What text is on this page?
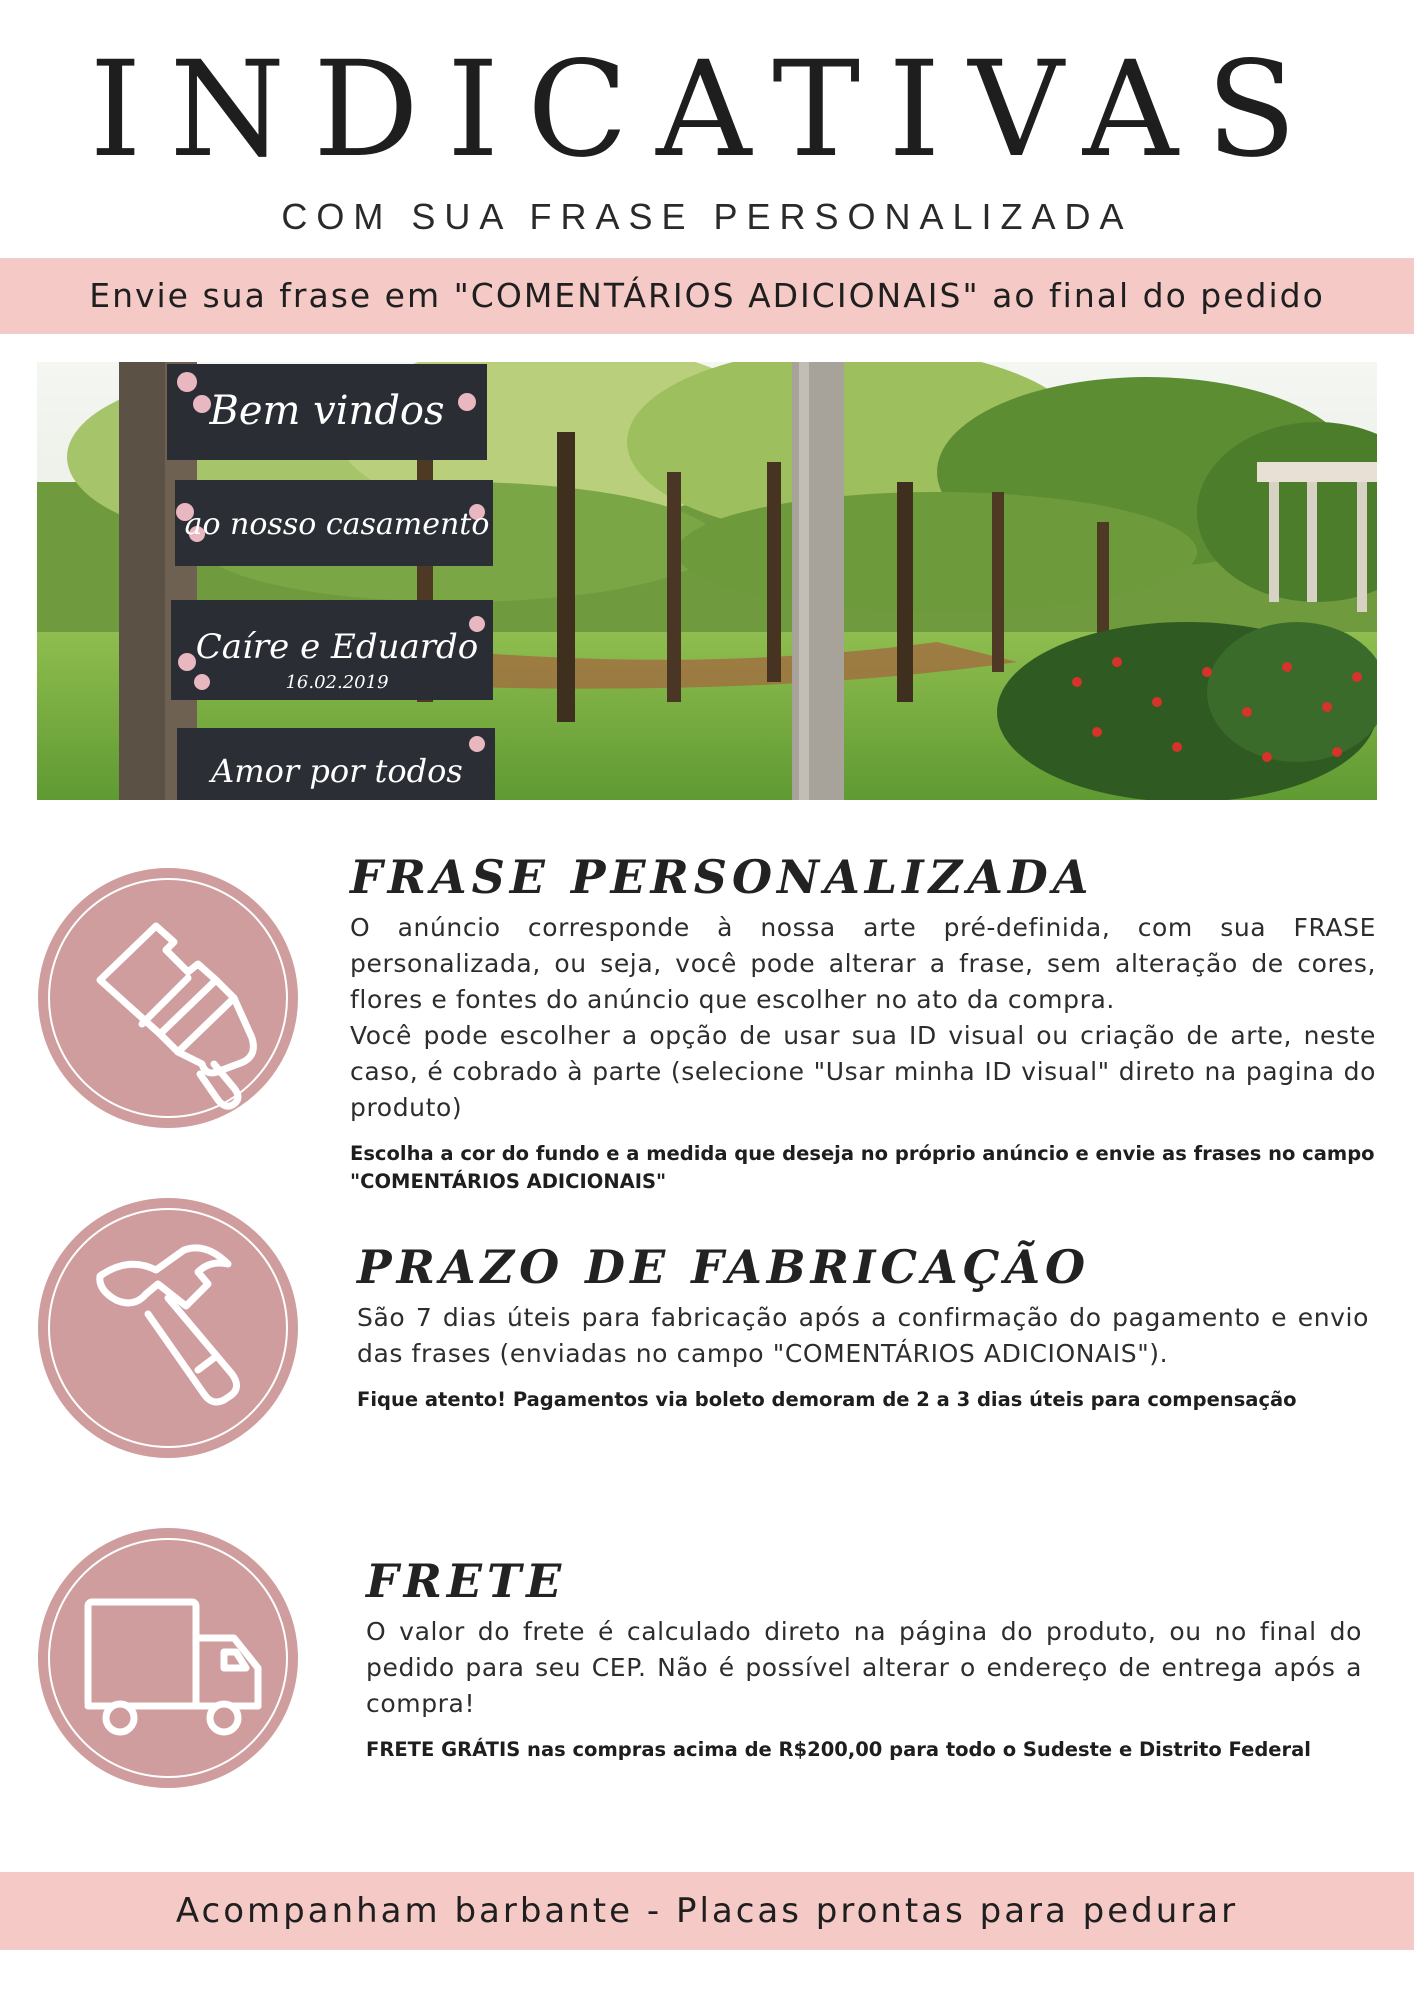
INDICATIVAS
COM SUA FRASE PERSONALIZADA
Envie sua frase em "COMENTÁRIOS ADICIONAIS" ao final do pedido
Bem vindos
ao nosso casamento
Caíre e Eduardo
16.02.2019
Amor por todos
FRASE PERSONALIZADA

O anúncio corresponde à nossa arte pré-definida, com sua FRASE personalizada, ou seja, você pode alterar a frase, sem alteração de cores, flores e fontes do anúncio que escolher no ato da compra.

Você pode escolher a opção de usar sua ID visual ou criação de arte, neste caso, é cobrado à parte (selecione "Usar minha ID visual" direto na pagina do produto)

Escolha a cor do fundo e a medida que deseja no próprio anúncio e envie as frases no campo "COMENTÁRIOS ADICIONAIS"

PRAZO DE FABRICAÇÃO

São 7 dias úteis para fabricação após a confirmação do pagamento e envio das frases (enviadas no campo "COMENTÁRIOS ADICIONAIS").

Fique atento! Pagamentos via boleto demoram de 2 a 3 dias úteis para compensação

FRETE

O valor do frete é calculado direto na página do produto, ou no final do pedido para seu CEP. Não é possível alterar o endereço de entrega após a compra!

FRETE GRÁTIS nas compras acima de R$200,00 para todo o Sudeste e Distrito Federal

Acompanham barbante - Placas prontas para pedurar
